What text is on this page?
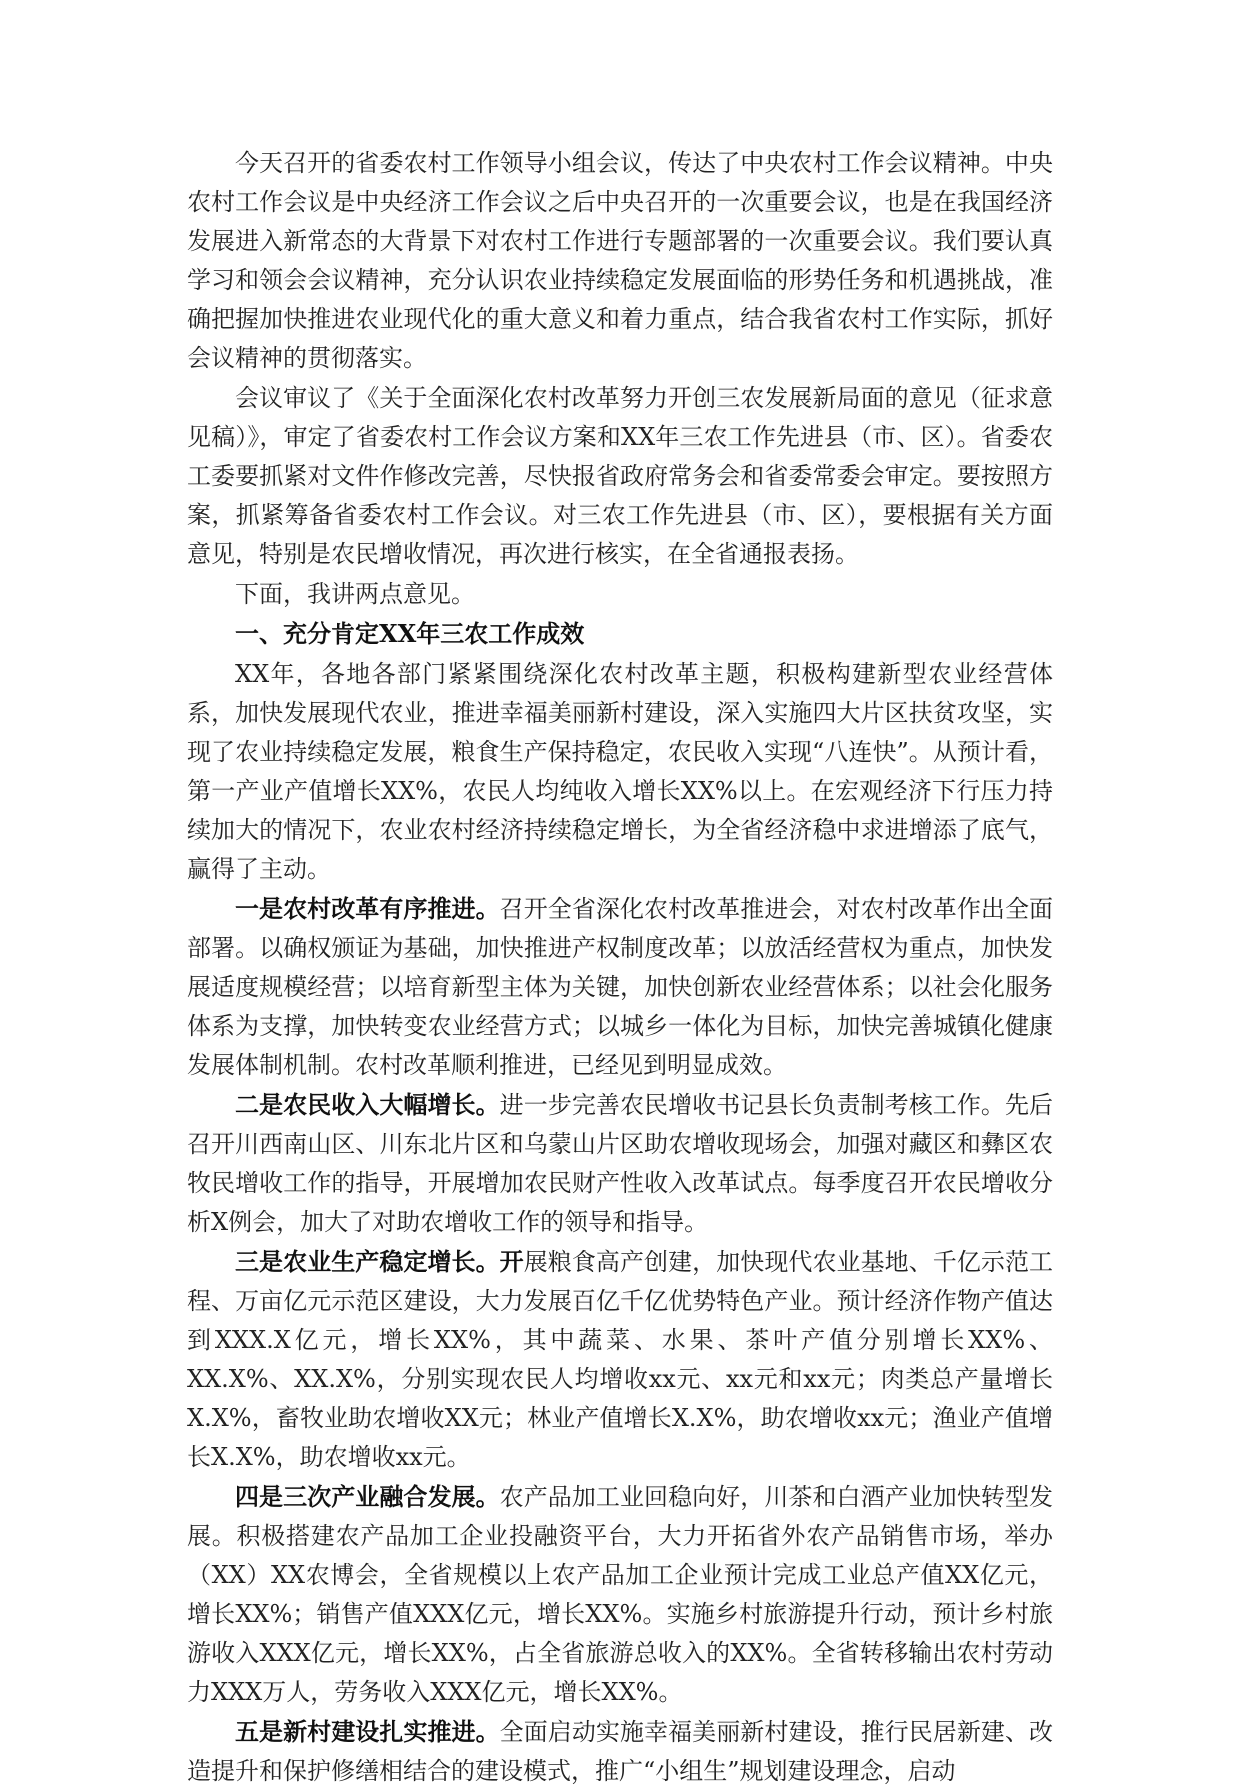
今天召开的省委农村工作领导小组会议，传达了中央农村工作会议精神。中央农村工作会议是中央经济工作会议之后中央召开的一次重要会议，也是在我国经济发展进入新常态的大背景下对农村工作进行专题部署的一次重要会议。我们要认真学习和领会会议精神，充分认识农业持续稳定发展面临的形势任务和机遇挑战，准确把握加快推进农业现代化的重大意义和着力重点，结合我省农村工作实际，抓好会议精神的贯彻落实。

会议审议了《关于全面深化农村改革努力开创三农发展新局面的意见（征求意见稿）》，审定了省委农村工作会议方案和XX年三农工作先进县（市、区）。省委农工委要抓紧对文件作修改完善，尽快报省政府常务会和省委常委会审定。要按照方案，抓紧筹备省委农村工作会议。对三农工作先进县（市、区），要根据有关方面意见，特别是农民增收情况，再次进行核实，在全省通报表扬。

下面，我讲两点意见。

一、充分肯定XX年三农工作成效

XX年，各地各部门紧紧围绕深化农村改革主题，积极构建新型农业经营体系，加快发展现代农业，推进幸福美丽新村建设，深入实施四大片区扶贫攻坚，实现了农业持续稳定发展，粮食生产保持稳定，农民收入实现“八连快”。从预计看，第一产业产值增长XX%，农民人均纯收入增长XX%以上。在宏观经济下行压力持续加大的情况下，农业农村经济持续稳定增长，为全省经济稳中求进增添了底气，赢得了主动。

一是农村改革有序推进。召开全省深化农村改革推进会，对农村改革作出全面部署。以确权颁证为基础，加快推进产权制度改革；以放活经营权为重点，加快发展适度规模经营；以培育新型主体为关键，加快创新农业经营体系；以社会化服务体系为支撑，加快转变农业经营方式；以城乡一体化为目标，加快完善城镇化健康发展体制机制。农村改革顺利推进，已经见到明显成效。

二是农民收入大幅增长。进一步完善农民增收书记县长负责制考核工作。先后召开川西南山区、川东北片区和乌蒙山片区助农增收现场会，加强对藏区和彝区农牧民增收工作的指导，开展增加农民财产性收入改革试点。每季度召开农民增收分析X例会，加大了对助农增收工作的领导和指导。

三是农业生产稳定增长。开展粮食高产创建，加快现代农业基地、千亿示范工程、万亩亿元示范区建设，大力发展百亿千亿优势特色产业。预计经济作物产值达到XXX.X亿元，增长XX%，其中蔬菜、水果、茶叶产值分别增长XX%、XX.X%、XX.X%，分别实现农民人均增收xx元、xx元和xx元；肉类总产量增长X.X%，畜牧业助农增收XX元；林业产值增长X.X%，助农增收xx元；渔业产值增长X.X%，助农增收xx元。

四是三次产业融合发展。农产品加工业回稳向好，川茶和白酒产业加快转型发展。积极搭建农产品加工企业投融资平台，大力开拓省外农产品销售市场，举办（XX）XX农博会，全省规模以上农产品加工企业预计完成工业总产值XX亿元，增长XX%；销售产值XXX亿元，增长XX%。实施乡村旅游提升行动，预计乡村旅游收入XXX亿元，增长XX%，占全省旅游总收入的XX%。全省转移输出农村劳动力XXX万人，劳务收入XXX亿元，增长XX%。

五是新村建设扎实推进。全面启动实施幸福美丽新村建设，推行民居新建、改造提升和保护修缮相结合的建设模式，推广“小组生”规划建设理念，启动
